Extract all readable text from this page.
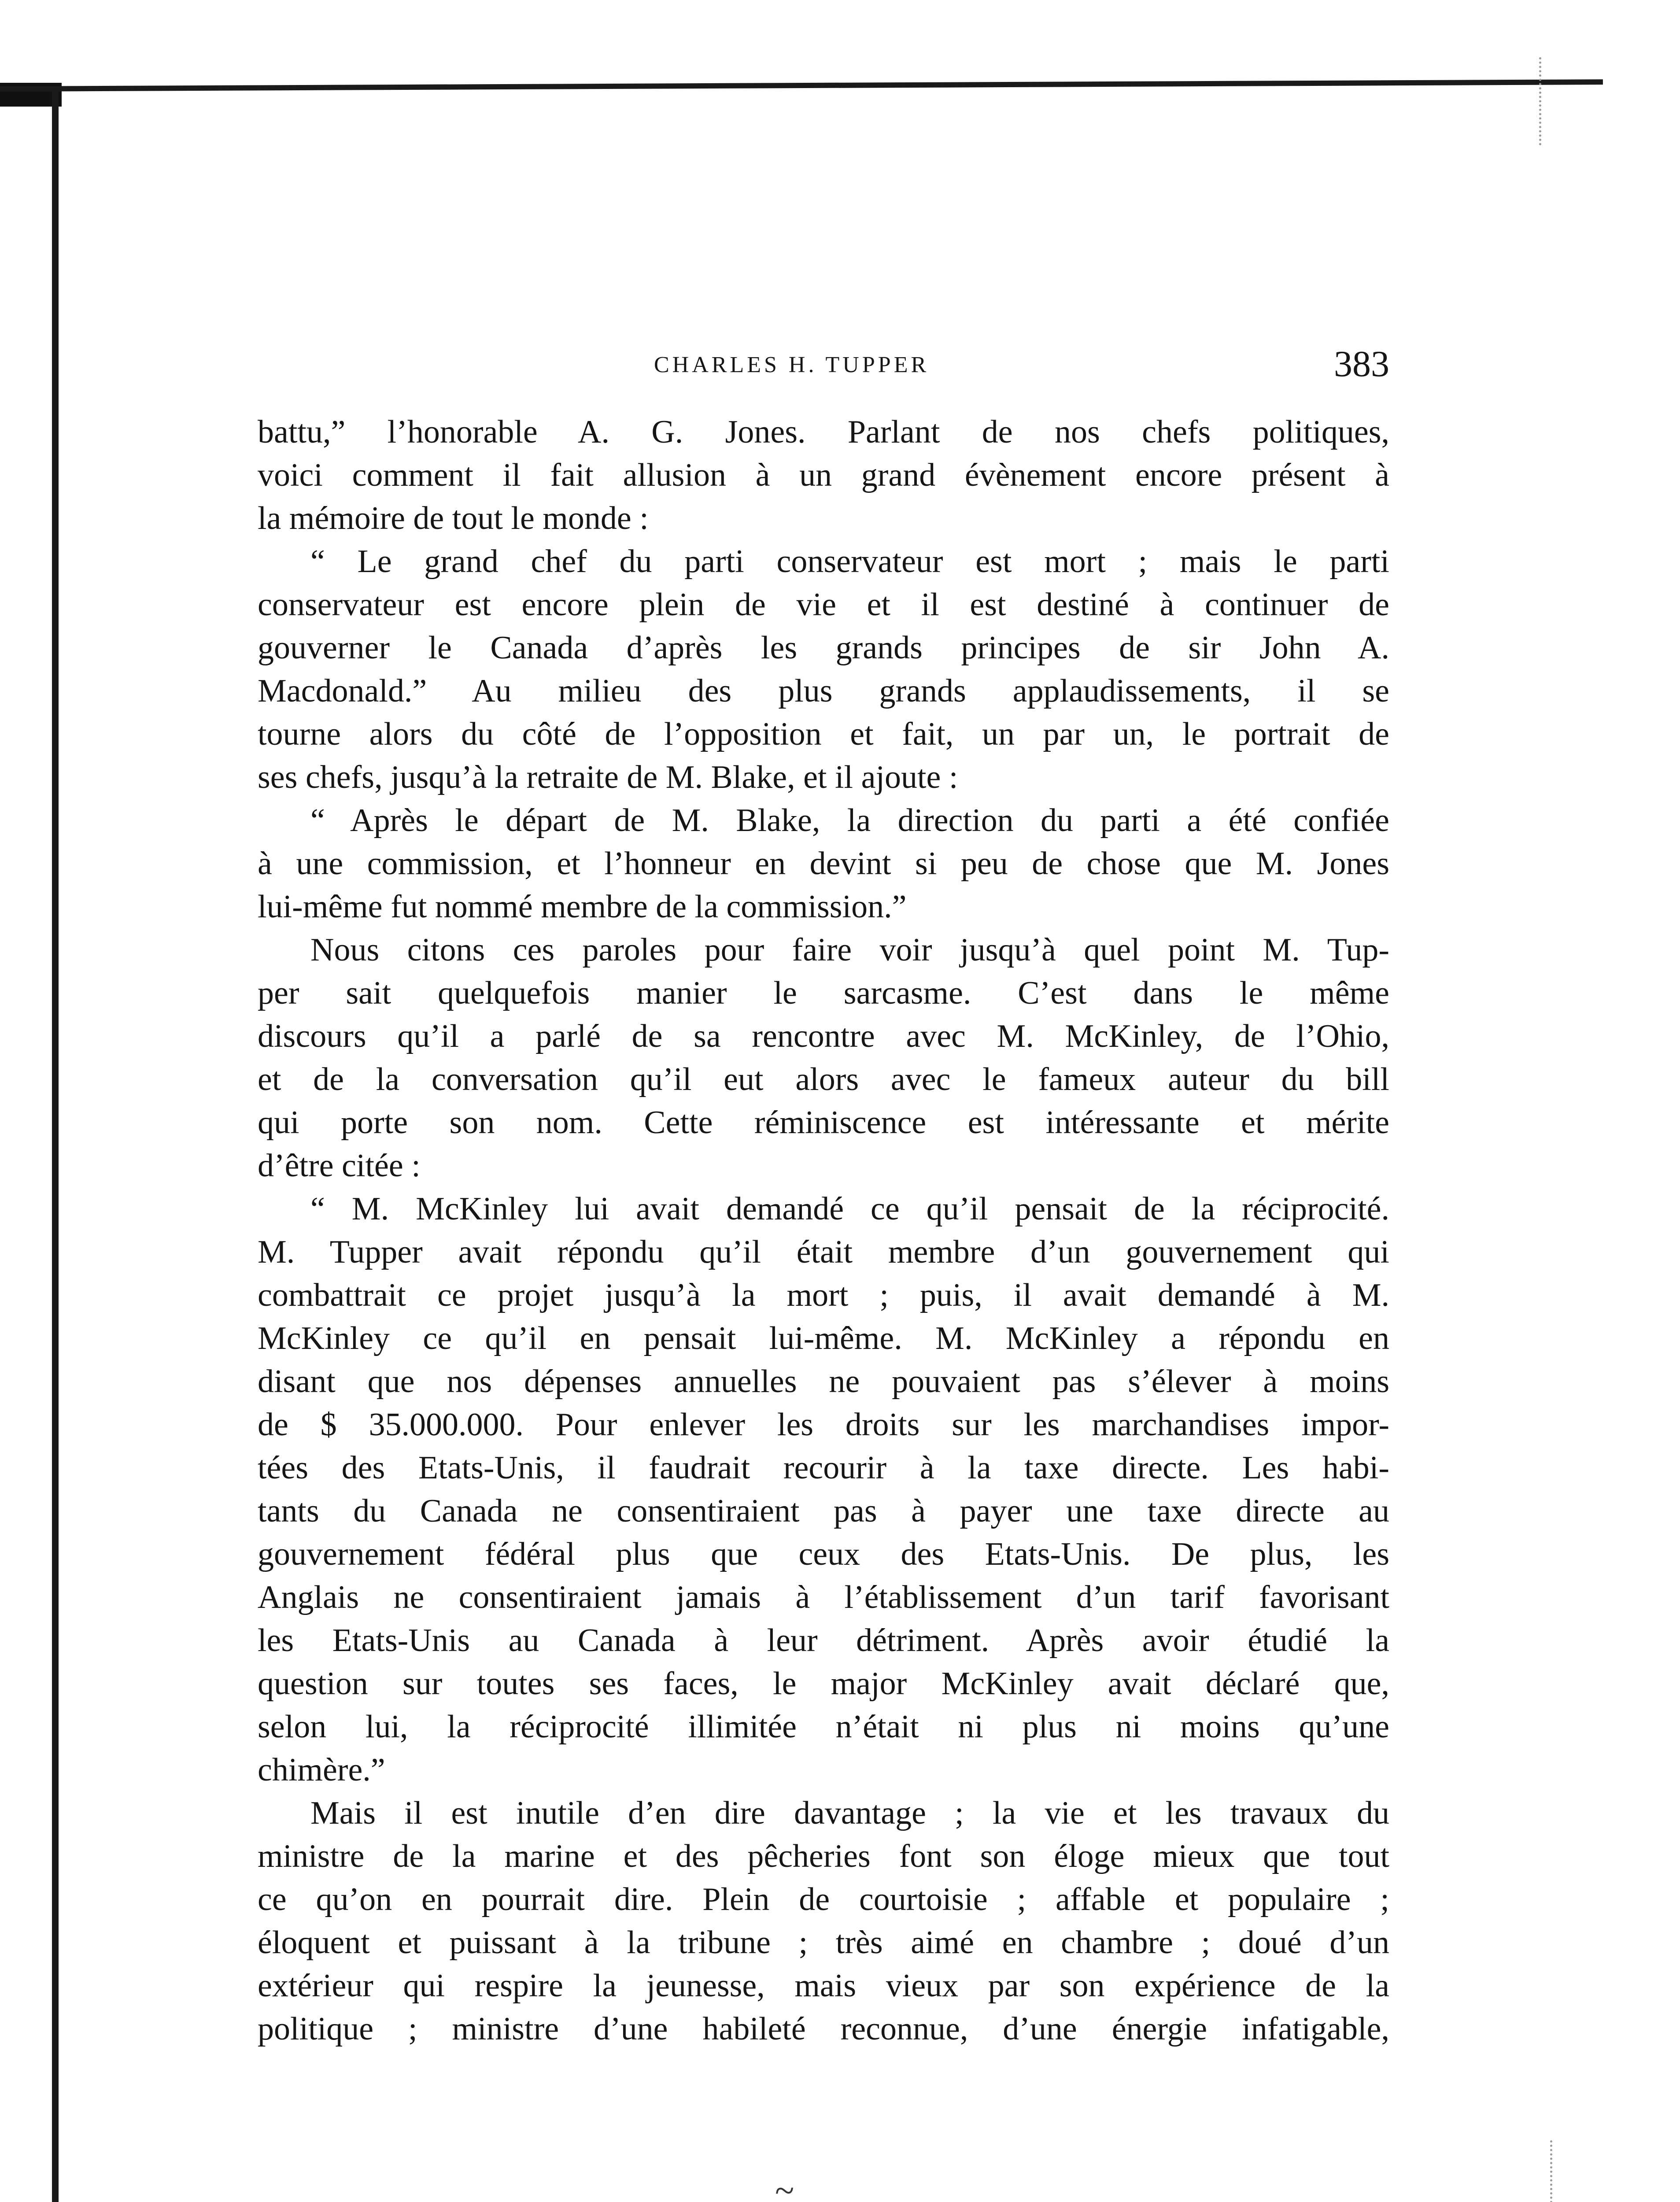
CHARLES H. TUPPER	383
battu,” l’honorable A. G. Jones. Parlant de nos chefs politiques,
voici comment il fait allusion à un grand évènement encore présent à
la mémoire de tout le monde :
“ Le grand chef du parti conservateur est mort ; mais le parti
conservateur est encore plein de vie et il est destiné à continuer de
gouverner le Canada d’après les grands principes de sir John A.
Macdonald.” Au milieu des plus grands applaudissements, il se
tourne alors du côté de l’opposition et fait, un par un, le portrait de
ses chefs, jusqu’à la retraite de M. Blake, et il ajoute :
“ Après le départ de M. Blake, la direction du parti a été confiée
à une commission, et l’honneur en devint si peu de chose que M. Jones
lui-même fut nommé membre de la commission.”
Nous citons ces paroles pour faire voir jusqu’à quel point M. Tup-
per sait quelquefois manier le sarcasme. C’est dans le même
discours qu’il a parlé de sa rencontre avec M. McKinley, de l’Ohio,
et de la conversation qu’il eut alors avec le fameux auteur du bill
qui porte son nom. Cette réminiscence est intéressante et mérite
d’être citée :
“ M. McKinley lui avait demandé ce qu’il pensait de la réciprocité.
M. Tupper avait répondu qu’il était membre d’un gouvernement qui
combattrait ce projet jusqu’à la mort ; puis, il avait demandé à M.
McKinley ce qu’il en pensait lui-même. M. McKinley a répondu en
disant que nos dépenses annuelles ne pouvaient pas s’élever à moins
de $ 35.000.000. Pour enlever les droits sur les marchandises impor-
tées des Etats-Unis, il faudrait recourir à la taxe directe. Les habi-
tants du Canada ne consentiraient pas à payer une taxe directe au
gouvernement fédéral plus que ceux des Etats-Unis. De plus, les
Anglais ne consentiraient jamais à l’établissement d’un tarif favorisant
les Etats-Unis au Canada à leur détriment. Après avoir étudié la
question sur toutes ses faces, le major McKinley avait déclaré que,
selon lui, la réciprocité illimitée n’était ni plus ni moins qu’une
chimère.”
Mais il est inutile d’en dire davantage ; la vie et les travaux du
ministre de la marine et des pêcheries font son éloge mieux que tout
ce qu’on en pourrait dire. Plein de courtoisie ; affable et populaire ;
éloquent et puissant à la tribune ; très aimé en chambre ; doué d’un
extérieur qui respire la jeunesse, mais vieux par son expérience de la
politique ; ministre d’une habileté reconnue, d’une énergie infatigable,
~
